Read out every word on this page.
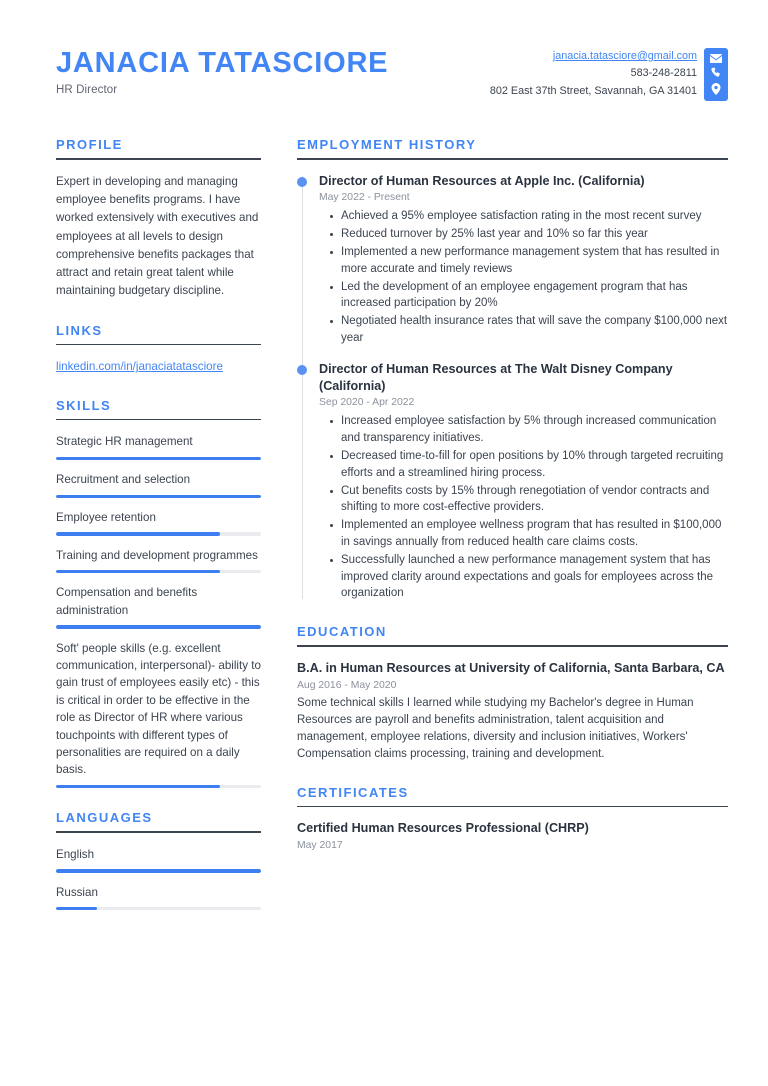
JANACIA TATASCIORE
HR Director
janacia.tatasciore@gmail.com
583-248-2811
802 East 37th Street, Savannah, GA 31401
PROFILE
Expert in developing and managing employee benefits programs. I have worked extensively with executives and employees at all levels to design comprehensive benefits packages that attract and retain great talent while maintaining budgetary discipline.
LINKS
linkedin.com/in/janaciatatasciore
SKILLS
Strategic HR management
Recruitment and selection
Employee retention
Training and development programmes
Compensation and benefits administration
Soft' people skills (e.g. excellent communication, interpersonal)- ability to gain trust of employees easily etc) - this is critical in order to be effective in the role as Director of HR where various touchpoints with different types of personalities are required on a daily basis.
LANGUAGES
English
Russian
EMPLOYMENT HISTORY
Director of Human Resources at Apple Inc. (California)
May 2022 - Present
Achieved a 95% employee satisfaction rating in the most recent survey
Reduced turnover by 25% last year and 10% so far this year
Implemented a new performance management system that has resulted in more accurate and timely reviews
Led the development of an employee engagement program that has increased participation by 20%
Negotiated health insurance rates that will save the company $100,000 next year
Director of Human Resources at The Walt Disney Company (California)
Sep 2020 - Apr 2022
Increased employee satisfaction by 5% through increased communication and transparency initiatives.
Decreased time-to-fill for open positions by 10% through targeted recruiting efforts and a streamlined hiring process.
Cut benefits costs by 15% through renegotiation of vendor contracts and shifting to more cost-effective providers.
Implemented an employee wellness program that has resulted in $100,000 in savings annually from reduced health care claims costs.
Successfully launched a new performance management system that has improved clarity around expectations and goals for employees across the organization
EDUCATION
B.A. in Human Resources at University of California, Santa Barbara, CA
Aug 2016 - May 2020
Some technical skills I learned while studying my Bachelor's degree in Human Resources are payroll and benefits administration, talent acquisition and management, employee relations, diversity and inclusion initiatives, Workers' Compensation claims processing, training and development.
CERTIFICATES
Certified Human Resources Professional (CHRP)
May 2017
